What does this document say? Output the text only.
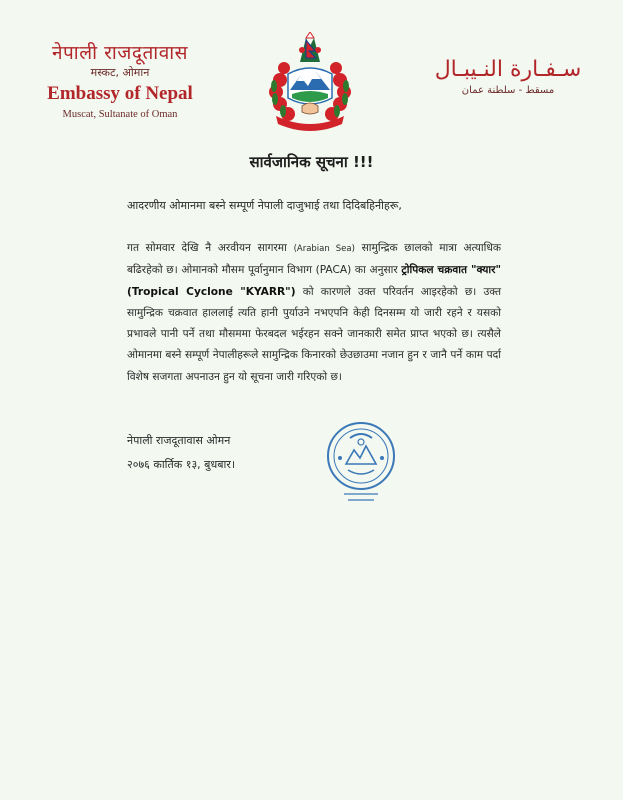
नेपाली राजदूतावास
मस्कट, ओमान
Embassy of Nepal
Muscat, Sultanate of Oman
سـفـارة النـيبـال
مسقط - سلطنة عمان
सार्वजानिक सूचना !!!
आदरणीय ओमानमा बस्ने सम्पूर्ण नेपाली दाजुभाई तथा दिदिबहिनीहरू,
गत सोमवार देखि नै अरवीयन सागरमा (Arabian Sea) सामुन्द्रिक छालको मात्रा अत्याधिक बढिरहेको छ। ओमानको मौसम पूर्वानुमान विभाग (PACA) का अनुसार ट्रोपिकल चक्रवात "क्यार" (Tropical Cyclone "KYARR") को कारणले उक्त परिवर्तन आइरहेको छ। उक्त सामुन्द्रिक चक्रवात हाललाई त्यति हानी पुर्याउने नभएपनि केही दिनसम्म यो जारी रहने र यसको प्रभावले पानी पर्ने तथा मौसममा फेरबदल भईरहन सक्ने जानकारी समेत प्राप्त भएको छ। त्यसैले ओमानमा बस्ने सम्पूर्ण नेपालीहरूले सामुन्द्रिक किनारको छेउछाउमा नजान हुन र जानै पर्ने काम पर्दा विशेष सजगता अपनाउन हुन यो सूचना जारी गरिएको छ।
नेपाली राजदूतावास ओमन
२०७६ कार्तिक १३, बुधबार।
